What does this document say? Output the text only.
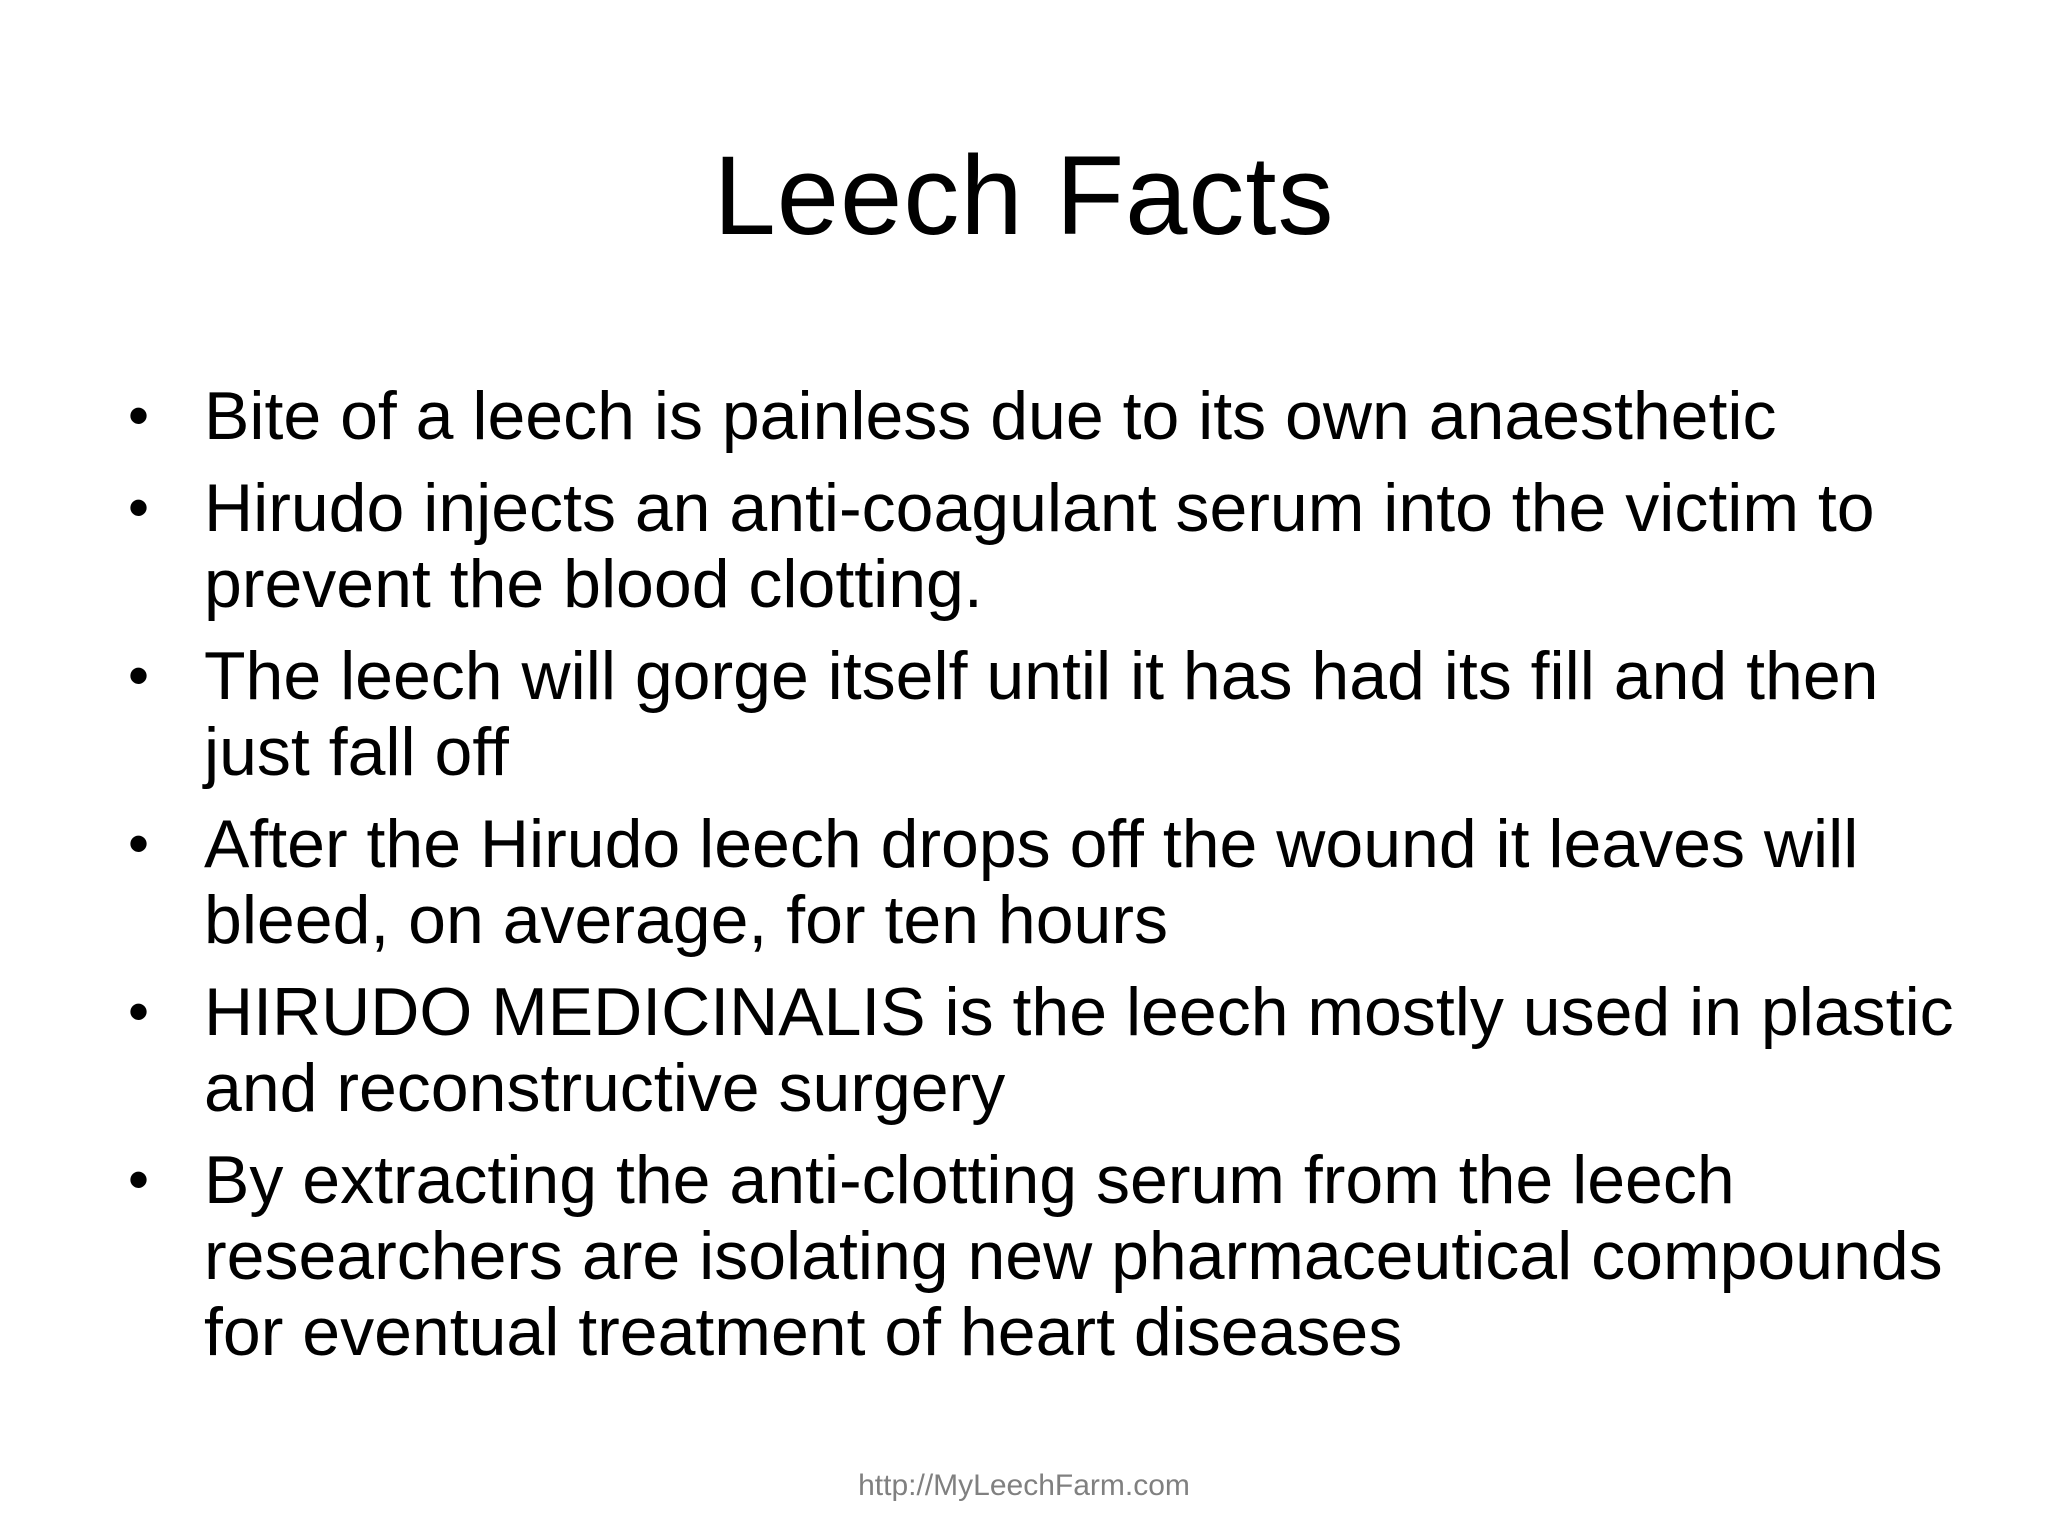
Leech Facts
• Bite of a leech is painless due to its own anaesthetic
• Hirudo injects an anti-coagulant serum into the victim to prevent the blood clotting.
• The leech will gorge itself until it has had its fill and then just fall off
• After the Hirudo leech drops off the wound it leaves will bleed, on average, for ten hours
• HIRUDO MEDICINALIS is the leech mostly used in plastic and reconstructive surgery
• By extracting the anti-clotting serum from the leech researchers are isolating new pharmaceutical compounds for eventual treatment of heart diseases
http://MyLeechFarm.com
